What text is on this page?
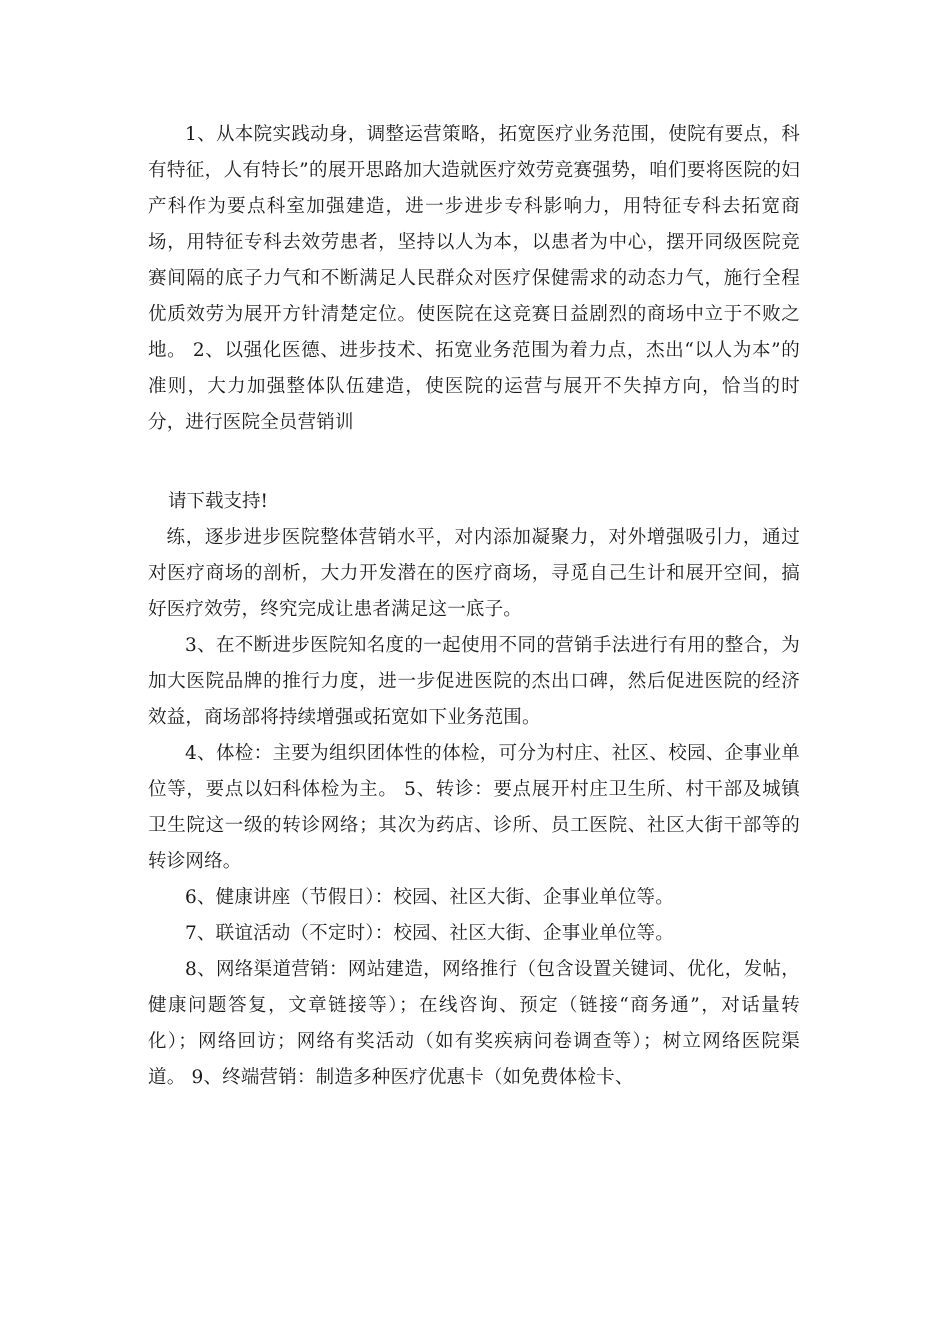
1、从本院实践动身，调整运营策略，拓宽医疗业务范围，使院有要点，科有特征，人有特长”的展开思路加大造就医疗效劳竞赛强势，咱们要将医院的妇产科作为要点科室加强建造，进一步进步专科影响力，用特征专科去拓宽商场，用特征专科去效劳患者，坚持以人为本，以患者为中心，摆开同级医院竞赛间隔的底子力气和不断满足人民群众对医疗保健需求的动态力气，施行全程优质效劳为展开方针清楚定位。使医院在这竞赛日益剧烈的商场中立于不败之地。 2、以强化医德、进步技术、拓宽业务范围为着力点，杰出“以人为本”的准则，大力加强整体队伍建造，使医院的运营与展开不失掉方向，恰当的时分，进行医院全员营销训

请下载支持!

练，逐步进步医院整体营销水平，对内添加凝聚力，对外增强吸引力，通过对医疗商场的剖析，大力开发潜在的医疗商场，寻觅自己生计和展开空间，搞好医疗效劳，终究完成让患者满足这一底子。

3、在不断进步医院知名度的一起使用不同的营销手法进行有用的整合，为加大医院品牌的推行力度，进一步促进医院的杰出口碑，然后促进医院的经济效益，商场部将持续增强或拓宽如下业务范围。

4、体检：主要为组织团体性的体检，可分为村庄、社区、校园、企事业单位等，要点以妇科体检为主。 5、转诊：要点展开村庄卫生所、村干部及城镇卫生院这一级的转诊网络；其次为药店、诊所、员工医院、社区大街干部等的转诊网络。

6、健康讲座（节假日）：校园、社区大街、企事业单位等。

7、联谊活动（不定时）：校园、社区大街、企事业单位等。

8、网络渠道营销：网站建造，网络推行（包含设置关键词、优化，发帖，健康问题答复，文章链接等）；在线咨询、预定（链接“商务通”，对话量转化）；网络回访；网络有奖活动（如有奖疾病问卷调查等）；树立网络医院渠道。 9、终端营销：制造多种医疗优惠卡（如免费体检卡、
